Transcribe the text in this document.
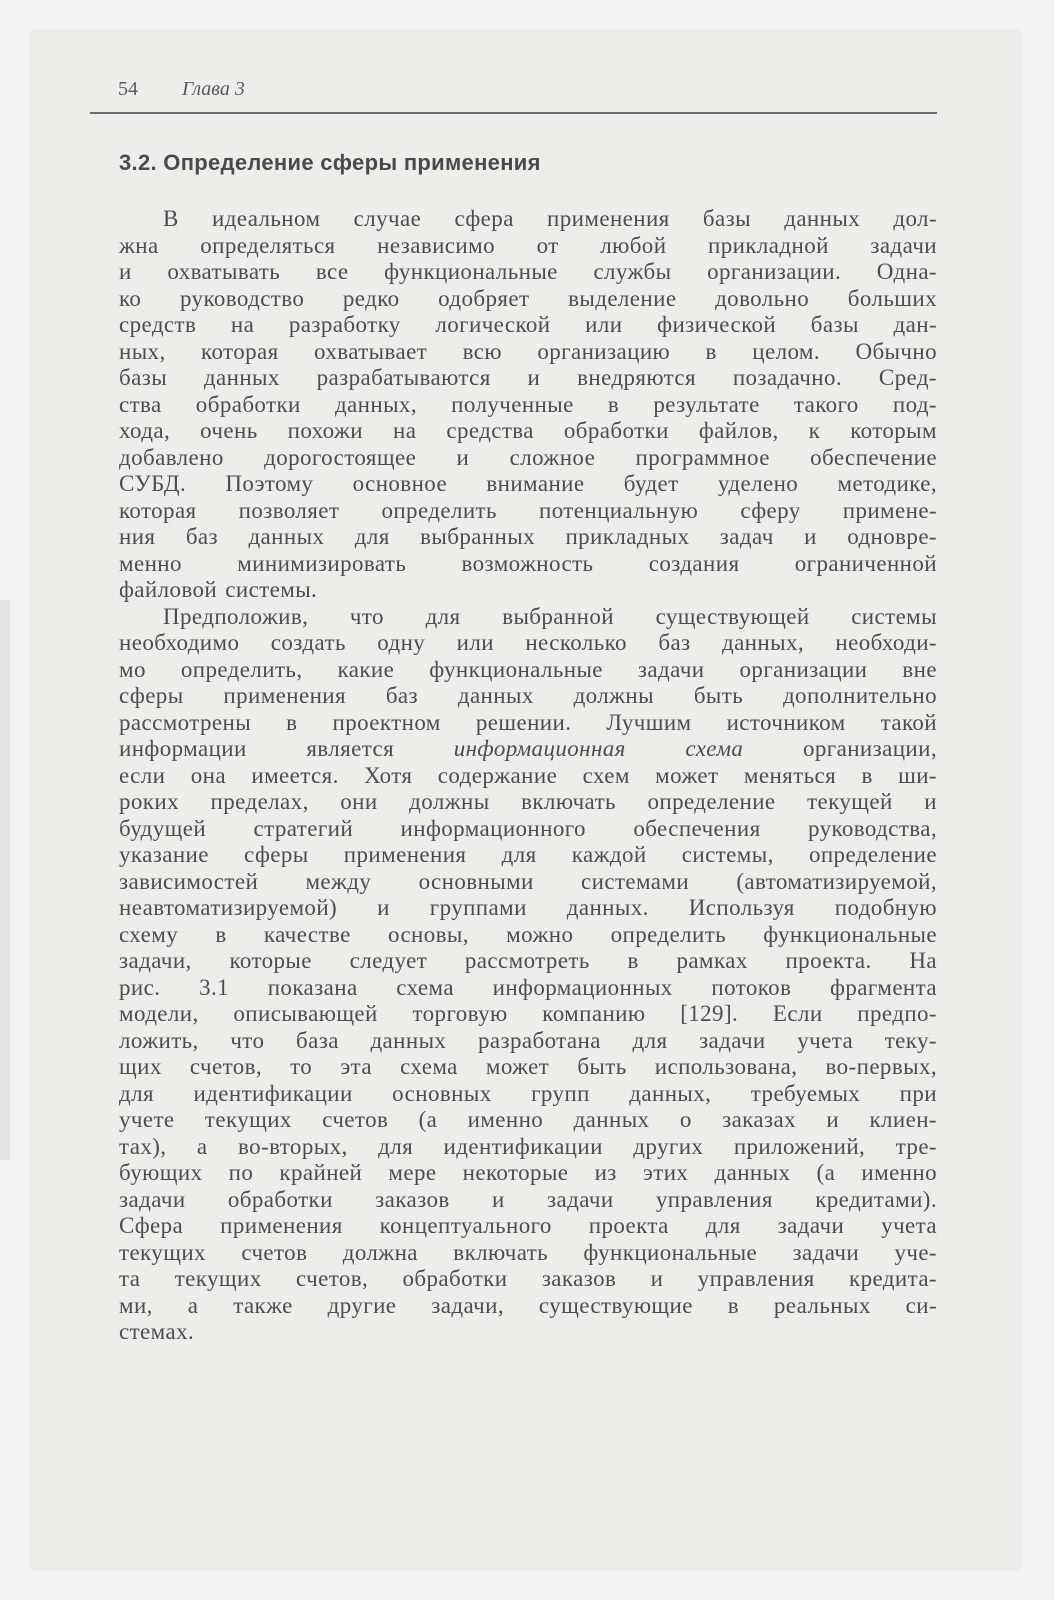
54 Глава 3
3.2. Определение сферы применения
В идеальном случае сфера применения базы данных дол-
жна определяться независимо от любой прикладной задачи
и охватывать все функциональные службы организации. Одна-
ко руководство редко одобряет выделение довольно больших
средств на разработку логической или физической базы дан-
ных, которая охватывает всю организацию в целом. Обычно
базы данных разрабатываются и внедряются позадачно. Сред-
ства обработки данных, полученные в результате такого под-
хода, очень похожи на средства обработки файлов, к которым
добавлено дорогостоящее и сложное программное обеспечение
СУБД. Поэтому основное внимание будет уделено методике,
которая позволяет определить потенциальную сферу примене-
ния баз данных для выбранных прикладных задач и одновре-
менно минимизировать возможность создания ограниченной
файловой системы.
Предположив, что для выбранной существующей системы
необходимо создать одну или несколько баз данных, необходи-
мо определить, какие функциональные задачи организации вне
сферы применения баз данных должны быть дополнительно
рассмотрены в проектном решении. Лучшим источником такой
информации является информационная схема организации,
если она имеется. Хотя содержание схем может меняться в ши-
роких пределах, они должны включать определение текущей и
будущей стратегий информационного обеспечения руководства,
указание сферы применения для каждой системы, определение
зависимостей между основными системами (автоматизируемой,
неавтоматизируемой) и группами данных. Используя подобную
схему в качестве основы, можно определить функциональные
задачи, которые следует рассмотреть в рамках проекта. На
рис. 3.1 показана схема информационных потоков фрагмента
модели, описывающей торговую компанию [129]. Если предпо-
ложить, что база данных разработана для задачи учета теку-
щих счетов, то эта схема может быть использована, во-первых,
для идентификации основных групп данных, требуемых при
учете текущих счетов (а именно данных о заказах и клиен-
тах), а во-вторых, для идентификации других приложений, тре-
бующих по крайней мере некоторые из этих данных (а именно
задачи обработки заказов и задачи управления кредитами).
Сфера применения концептуального проекта для задачи учета
текущих счетов должна включать функциональные задачи уче-
та текущих счетов, обработки заказов и управления кредита-
ми, а также другие задачи, существующие в реальных си-
стемах.
